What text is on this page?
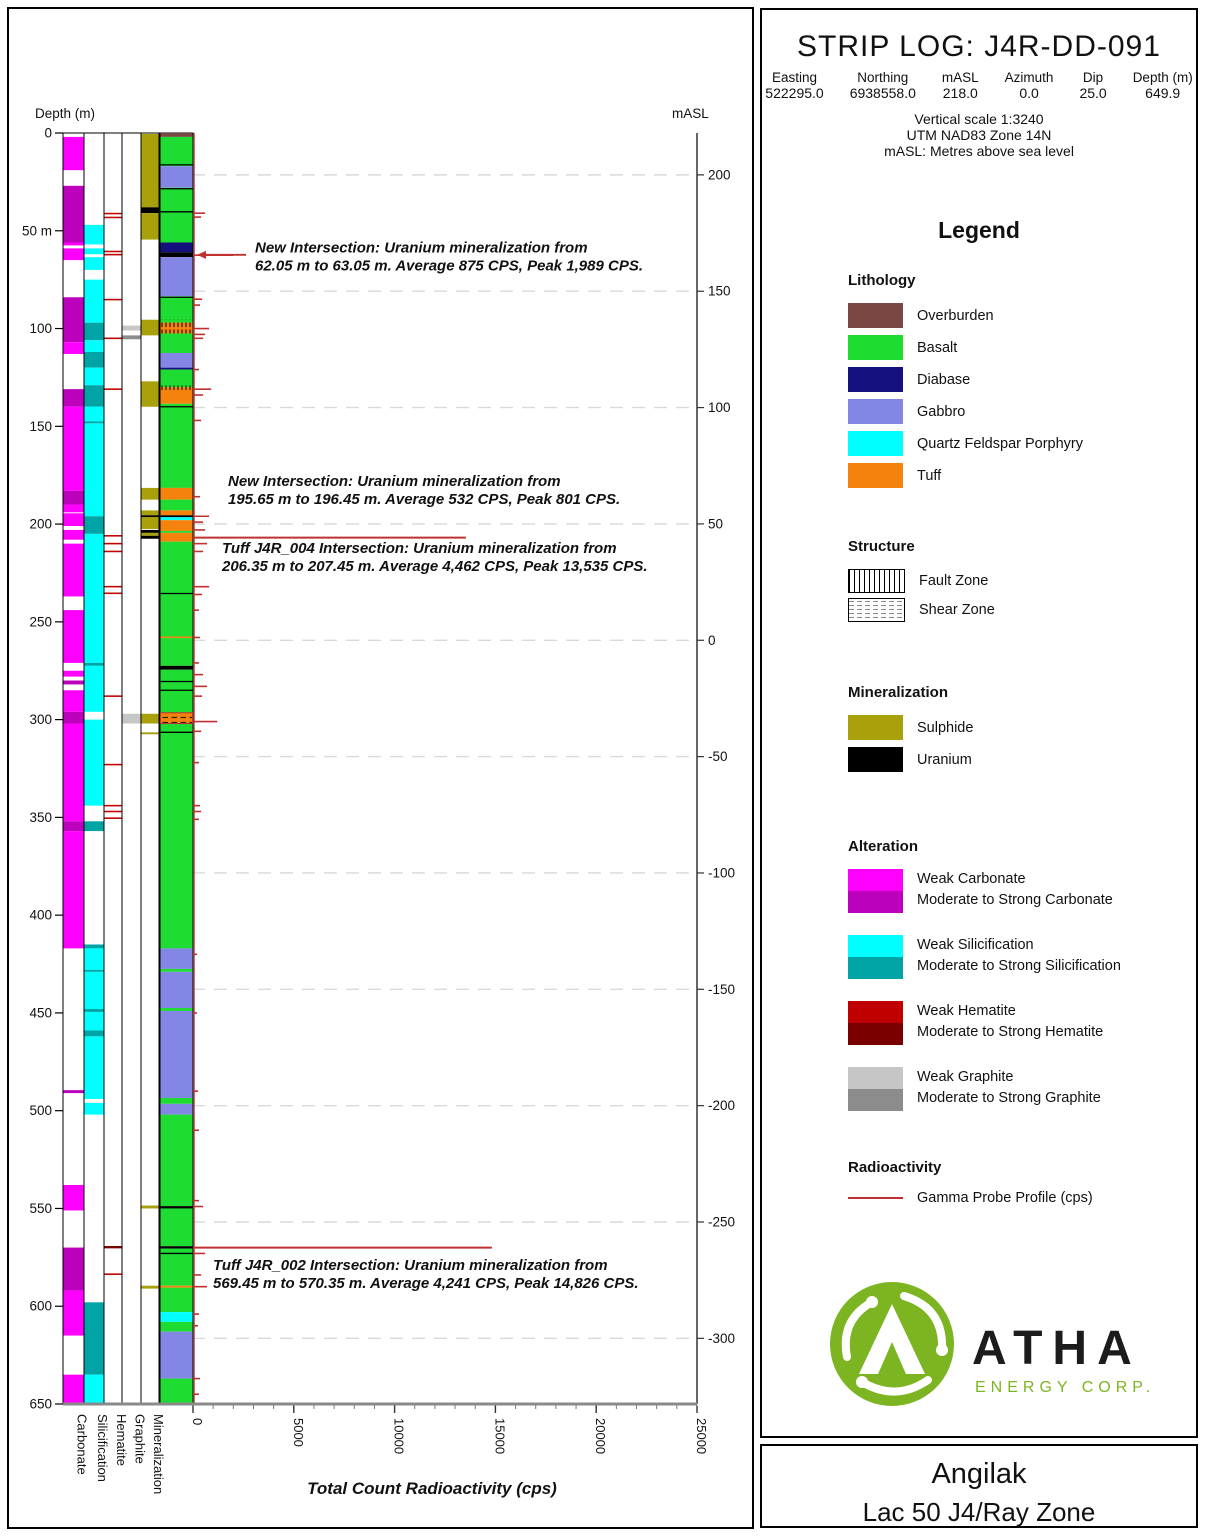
New Intersection: Uranium mineralization from
62.05 m to 63.05 m. Average 875 CPS, Peak 1,989 CPS.
New Intersection: Uranium mineralization from
195.65 m to 196.45 m. Average 532 CPS, Peak 801 CPS.
Tuff J4R_004 Intersection: Uranium mineralization from
206.35 m to 207.45 m. Average 4,462 CPS, Peak 13,535 CPS.
Tuff J4R_002 Intersection: Uranium mineralization from
569.45 m to 570.35 m. Average 4,241 CPS, Peak 14,826 CPS.
Depth (m)
0
50 m
100
150
200
250
300
350
400
450
500
550
600
650
mASL
200
150
100
50
0
-50
-100
-150
-200
-250
-300
0	5000	10000	15000	20000	25000
Total Count Radioactivity (cps)
Carbonate Silicification Hematite Graphite Mineralization
STRIP LOG: J4R-DD-091
Easting
522295.0
Northing
6938558.0
mASL
218.0
Azimuth
0.0
Dip
25.0
Depth (m)
649.9
Vertical scale 1:3240
UTM NAD83 Zone 14N
mASL: Metres above sea level
Legend
Lithology
Overburden
Basalt
Diabase
Gabbro
Quartz Feldspar Porphyry
Tuff
Structure
Fault Zone
Shear Zone
Mineralization
Sulphide
Uranium
Alteration
Weak Carbonate
Moderate to Strong Carbonate
Weak Silicification
Moderate to Strong Silicification
Weak Hematite
Moderate to Strong Hematite
Weak Graphite
Moderate to Strong Graphite
Radioactivity
Gamma Probe Profile (cps)
ATHA
ENERGY CORP.
Angilak
Lac 50 J4/Ray Zone
